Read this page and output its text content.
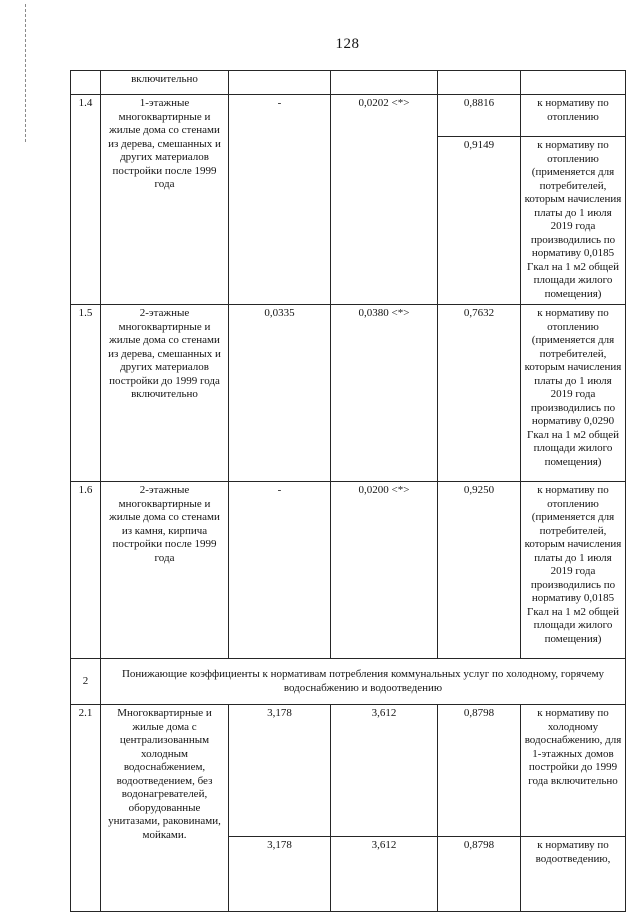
128
	включительно				
1.4	1-этажные многоквартирные и жилые дома со стенами из дерева, смешанных и других материалов постройки после 1999 года	-	0,0202 <*>	0,8816	к нормативу по отоплению
				0,9149	к нормативу по отоплению (применяется для потребителей, которым начисления платы до 1 июля 2019 года производились по нормативу 0,0185 Гкал на 1 м2 общей площади жилого помещения)
1.5	2-этажные многоквартирные и жилые дома со стенами из дерева, смешанных и других материалов постройки до 1999 года включительно	0,0335	0,0380 <*>	0,7632	к нормативу по отоплению (применяется для потребителей, которым начисления платы до 1 июля 2019 года производились по нормативу 0,0290 Гкал на 1 м2 общей площади жилого помещения)
1.6	2-этажные многоквартирные и жилые дома со стенами из камня, кирпича постройки после 1999 года	-	0,0200 <*>	0,9250	к нормативу по отоплению (применяется для потребителей, которым начисления платы до 1 июля 2019 года производились по нормативу 0,0185 Гкал на 1 м2 общей площади жилого помещения)
2	Понижающие коэффициенты к нормативам потребления коммунальных услуг по холодному, горячему водоснабжению и водоотведению				
2.1	Многоквартирные и жилые дома с централизованным холодным водоснабжением, водоотведением, без водонагревателей, оборудованные унитазами, раковинами, мойками.	3,178	3,612	0,8798	к нормативу по холодному водоснабжению, для 1-этажных домов постройки до 1999 года включительно
		3,178	3,612	0,8798	к нормативу по водоотведению,
